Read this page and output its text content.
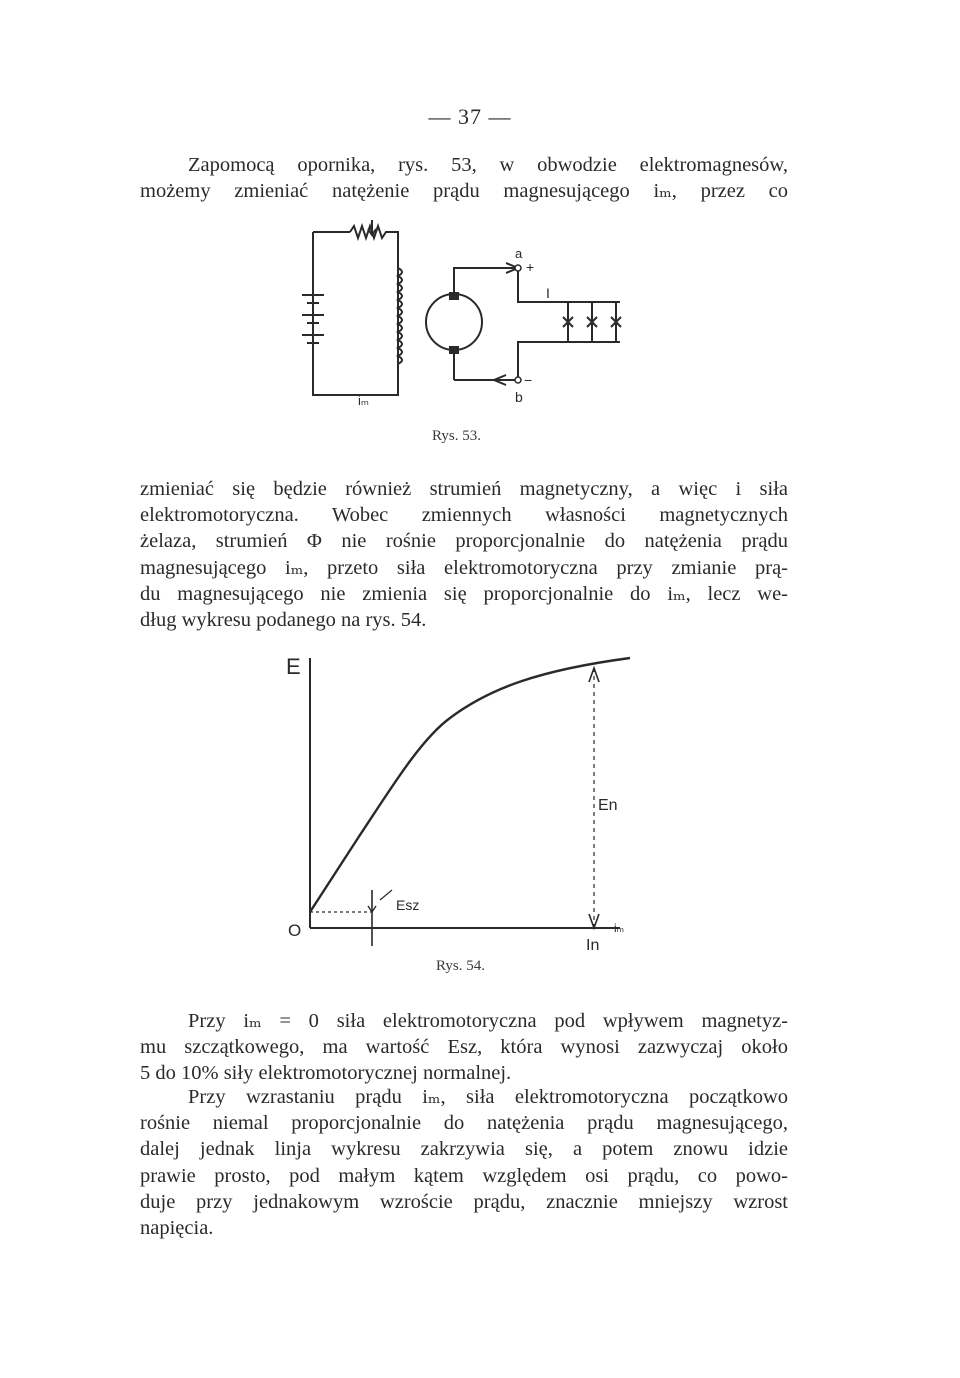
— 37 —

Zapomocą opornika, rys. 53, w obwodzie elektromagnesów,
możemy zmieniać natężenie prądu magnesującego iₘ, przez co

iₘ
a
+
b
−
I
Rys. 53.

zmieniać się będzie również strumień magnetyczny, a więc i siła
elektromotoryczna. Wobec zmiennych własności magnetycznych
żelaza, strumień Φ nie rośnie proporcjonalnie do natężenia prądu
magnesującego iₘ, przeto siła elektromotoryczna przy zmianie prą-
du magnesującego nie zmienia się proporcjonalnie do iₘ, lecz we-
dług wykresu podanego na rys. 54.

E
O
Esz
En
iₘ
In
Rys. 54.

Przy iₘ = 0 siła elektromotoryczna pod wpływem magnetyz-
mu szczątkowego, ma wartość Esz, która wynosi zazwyczaj około
5 do 10% siły elektromotorycznej normalnej.

Przy wzrastaniu prądu iₘ, siła elektromotoryczna początkowo
rośnie niemal proporcjonalnie do natężenia prądu magnesującego,
dalej jednak linja wykresu zakrzywia się, a potem znowu idzie
prawie prosto, pod małym kątem względem osi prądu, co powo-
duje przy jednakowym wzroście prądu, znacznie mniejszy wzrost
napięcia.
